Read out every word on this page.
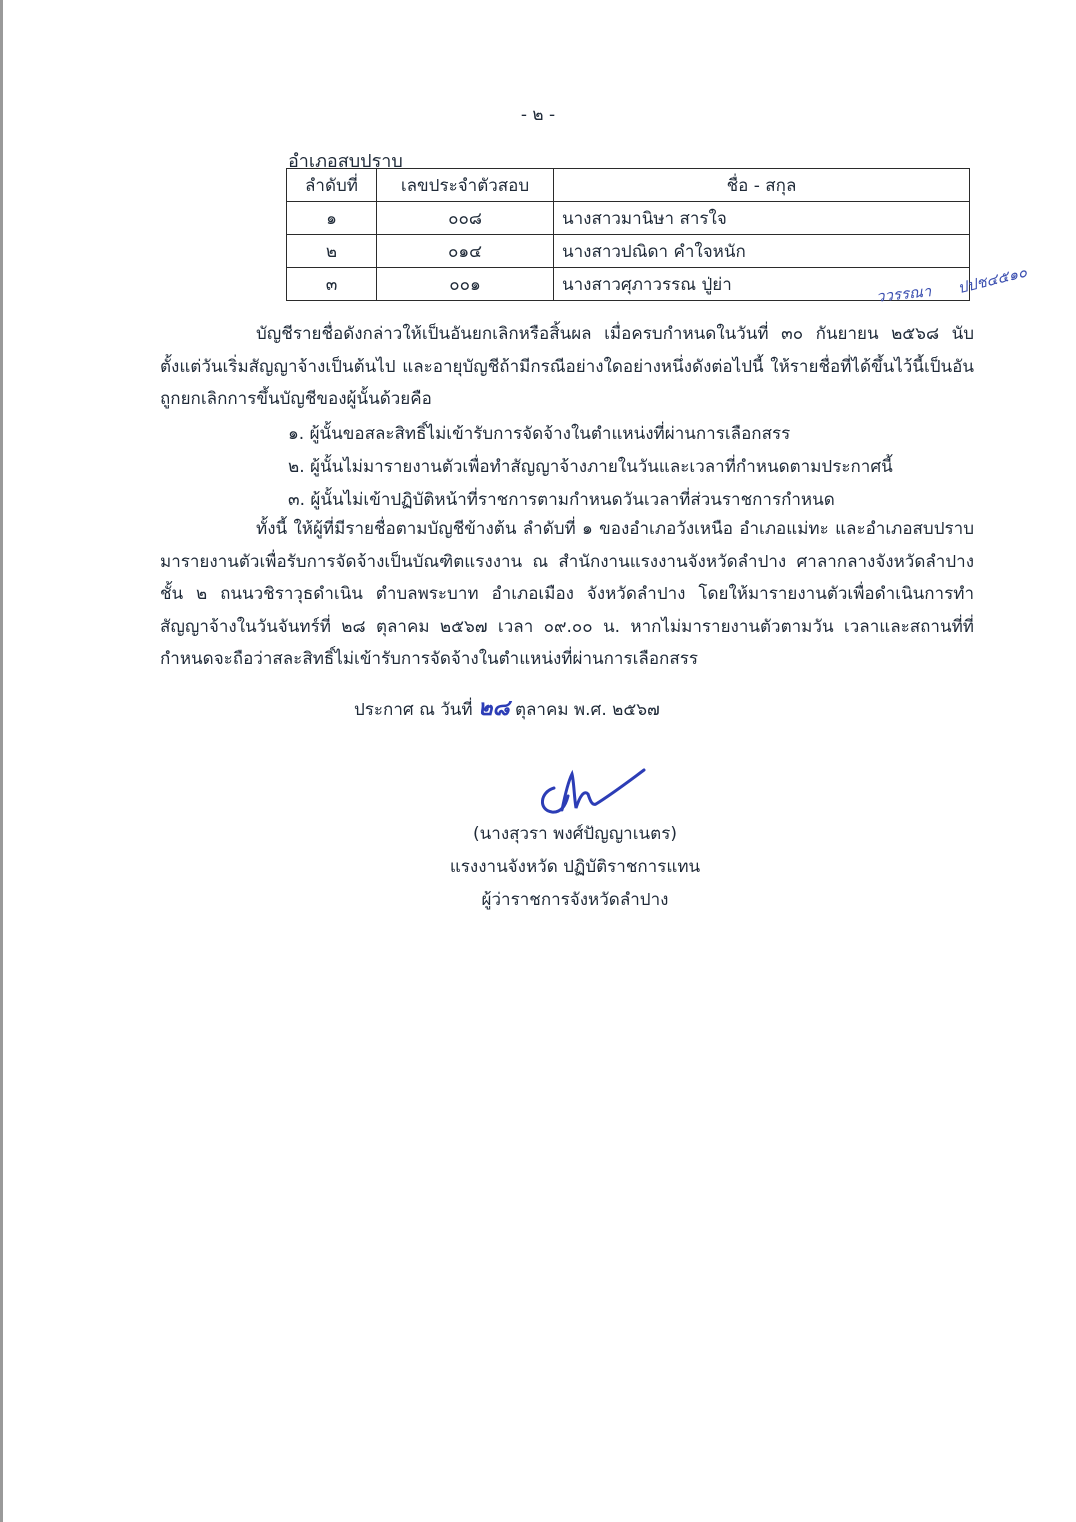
- ๒ -
อำเภอสบปราบ
ลำดับที่	เลขประจำตัวสอบ	ชื่อ - สกุล
๑	๐๐๘	นางสาวมานิษา สารใจ
๒	๐๑๔	นางสาวปณิดา คำใจหนัก
๓	๐๐๑	นางสาวศุภาวรรณ ปู่ย่า	ววรรณา ปปช๔๕๑๐

บัญชีรายชื่อดังกล่าวให้เป็นอันยกเลิกหรือสิ้นผล เมื่อครบกำหนดในวันที่ ๓๐ กันยายน ๒๕๖๘ นับตั้งแต่วันเริ่มสัญญาจ้างเป็นต้นไป และอายุบัญชีถ้ามีกรณีอย่างใดอย่างหนึ่งดังต่อไปนี้ ให้รายชื่อที่ได้ขึ้นไว้นี้เป็นอันถูกยกเลิกการขึ้นบัญชีของผู้นั้นด้วยคือ

๑. ผู้นั้นขอสละสิทธิ์ไม่เข้ารับการจัดจ้างในตำแหน่งที่ผ่านการเลือกสรร
๒. ผู้นั้นไม่มารายงานตัวเพื่อทำสัญญาจ้างภายในวันและเวลาที่กำหนดตามประกาศนี้
๓. ผู้นั้นไม่เข้าปฏิบัติหน้าที่ราชการตามกำหนดวันเวลาที่ส่วนราชการกำหนด

ทั้งนี้ ให้ผู้ที่มีรายชื่อตามบัญชีข้างต้น ลำดับที่ ๑ ของอำเภอวังเหนือ อำเภอแม่ทะ และอำเภอสบปราบ มารายงานตัวเพื่อรับการจัดจ้างเป็นบัณฑิตแรงงาน ณ สำนักงานแรงงานจังหวัดลำปาง ศาลากลางจังหวัดลำปาง ชั้น ๒ ถนนวชิราวุธดำเนิน ตำบลพระบาท อำเภอเมือง จังหวัดลำปาง โดยให้มารายงานตัวเพื่อดำเนินการทำสัญญาจ้างในวันจันทร์ที่ ๒๘ ตุลาคม ๒๕๖๗ เวลา ๐๙.๐๐ น. หากไม่มารายงานตัวตามวัน เวลาและสถานที่ที่กำหนดจะถือว่าสละสิทธิ์ไม่เข้ารับการจัดจ้างในตำแหน่งที่ผ่านการเลือกสรร

ประกาศ ณ วันที่ ๒๘ ตุลาคม พ.ศ. ๒๕๖๗
(นางสุวรา พงศ์ปัญญาเนตร)
แรงงานจังหวัด ปฏิบัติราชการแทน
ผู้ว่าราชการจังหวัดลำปาง
